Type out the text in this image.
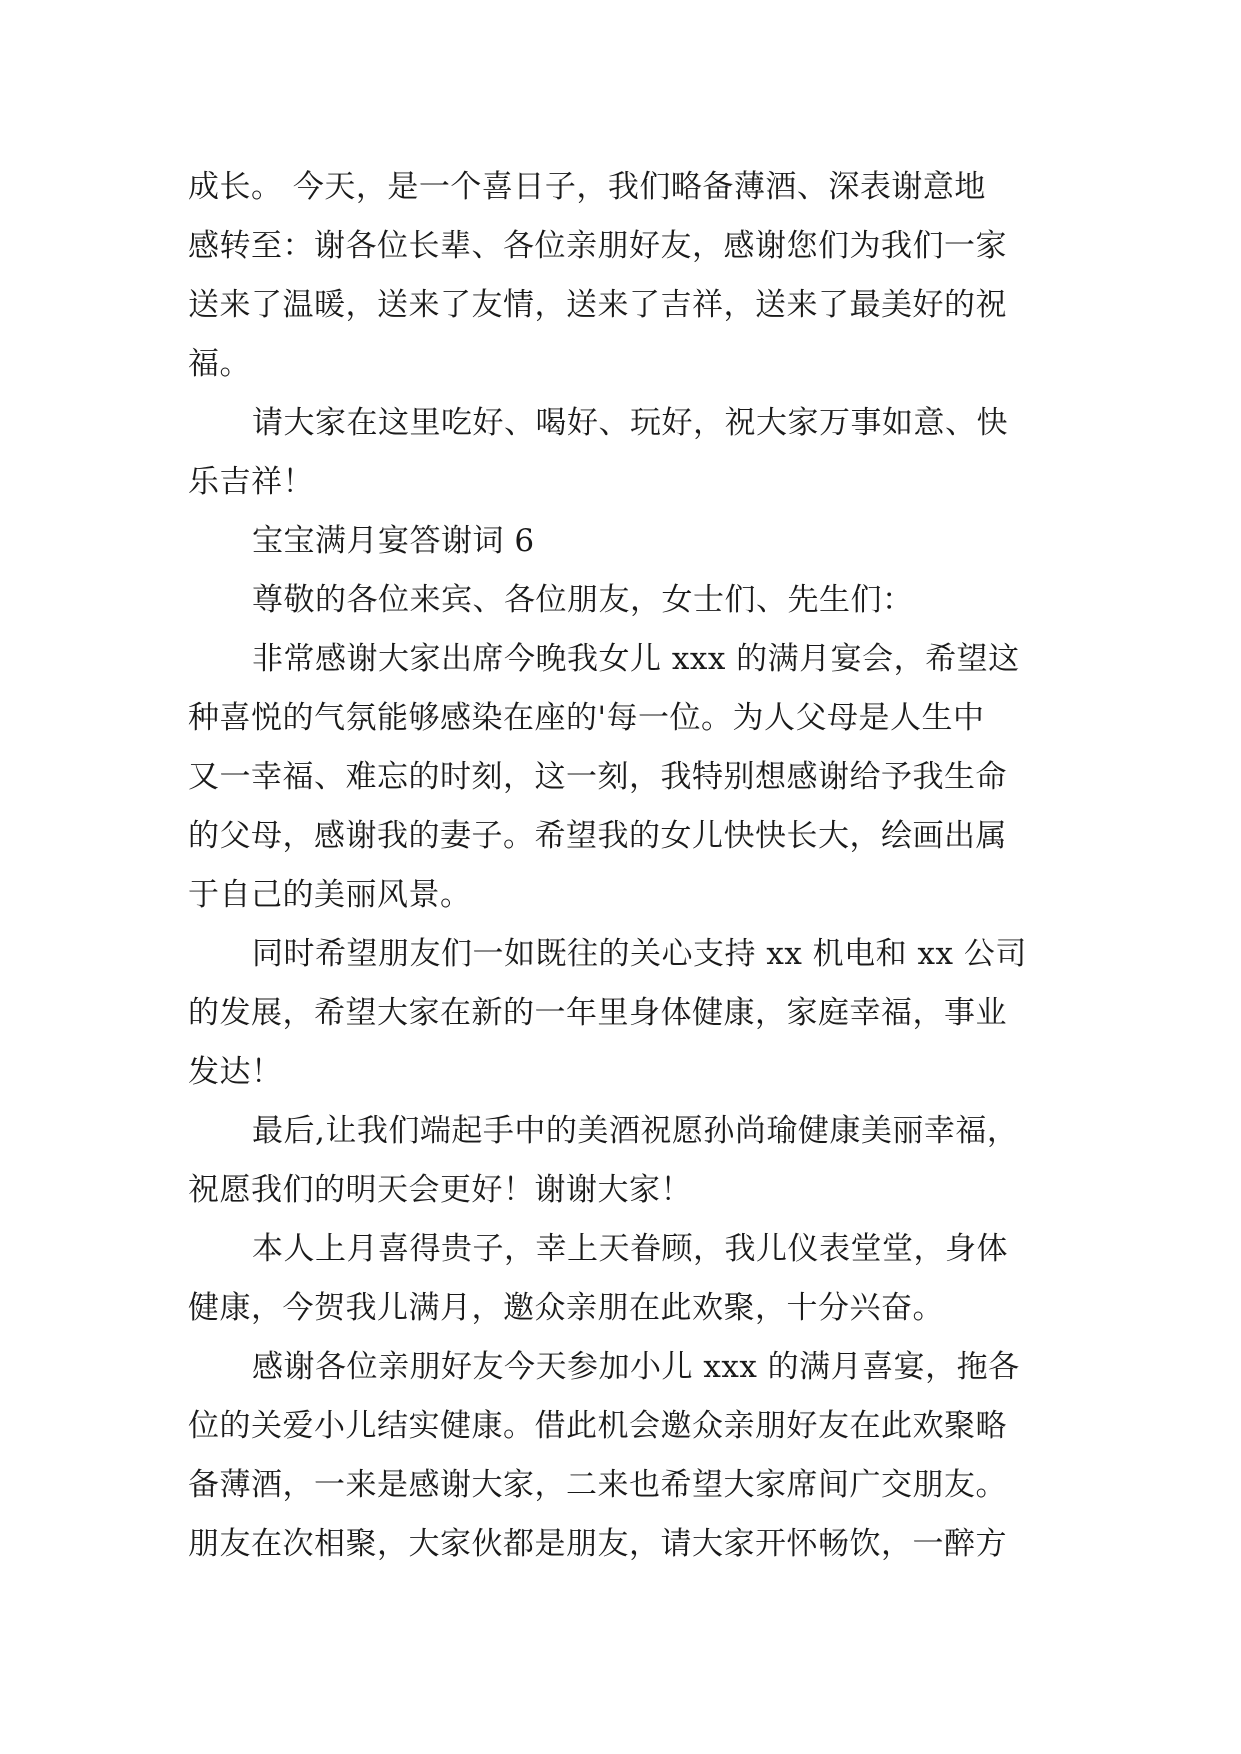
成长。 今天，是一个喜日子，我们略备薄酒、深表谢意地
感转至：谢各位长辈、各位亲朋好友，感谢您们为我们一家
送来了温暖，送来了友情，送来了吉祥，送来了最美好的祝
福。
请大家在这里吃好、喝好、玩好，祝大家万事如意、快
乐吉祥！
宝宝满月宴答谢词 6
尊敬的各位来宾、各位朋友，女士们、先生们：
非常感谢大家出席今晚我女儿 xxx 的满月宴会，希望这
种喜悦的气氛能够感染在座的'每一位。为人父母是人生中
又一幸福、难忘的时刻，这一刻，我特别想感谢给予我生命
的父母，感谢我的妻子。希望我的女儿快快长大，绘画出属
于自己的美丽风景。
同时希望朋友们一如既往的关心支持 xx 机电和 xx 公司
的发展，希望大家在新的一年里身体健康，家庭幸福，事业
发达！
最后,让我们端起手中的美酒祝愿孙尚瑜健康美丽幸福，
祝愿我们的明天会更好！谢谢大家！
本人上月喜得贵子，幸上天眷顾，我儿仪表堂堂，身体
健康，今贺我儿满月，邀众亲朋在此欢聚，十分兴奋。
感谢各位亲朋好友今天参加小儿 xxx 的满月喜宴，拖各
位的关爱小儿结实健康。借此机会邀众亲朋好友在此欢聚略
备薄酒，一来是感谢大家，二来也希望大家席间广交朋友。
朋友在次相聚，大家伙都是朋友，请大家开怀畅饮，一醉方
